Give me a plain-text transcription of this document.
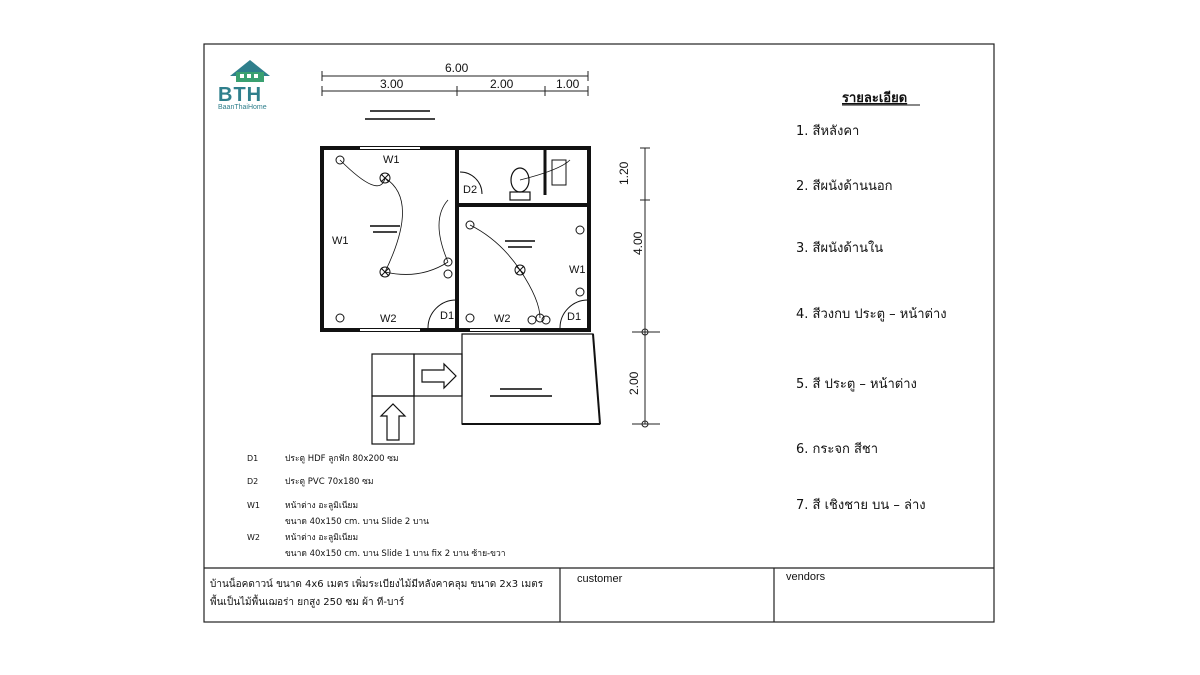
BTH
BaanThaiHome
6.00
3.00	2.00	1.00
1.20
4.00
2.00
W1
W1
W1
W2	W2
D1	D1
D2
D1	ประตู HDF ลูกฟัก 80x200 ซม
D2	ประตู PVC 70x180 ซม
W1	หน้าต่าง อะลูมิเนียม
ขนาด 40x150 cm. บาน Slide 2 บาน
W2	หน้าต่าง อะลูมิเนียม
ขนาด 40x150 cm. บาน Slide 1 บาน fix 2 บาน ซ้าย-ขวา
รายละเอียด
1. สีหลังคา
2. สีผนังด้านนอก
3. สีผนังด้านใน
4. สีวงกบ ประตู – หน้าต่าง
5. สี ประตู – หน้าต่าง
6. กระจก สีชา
7. สี เชิงชาย บน – ล่าง
บ้านน็อคดาวน์ ขนาด 4x6 เมตร เพิ่มระเบียงไม้มีหลังคาคลุม ขนาด 2x3 เมตร
พื้นเป็นไม้พื้นเฌอร่า ยกสูง 250 ซม ผ้า ที-บาร์
customer	vendors
